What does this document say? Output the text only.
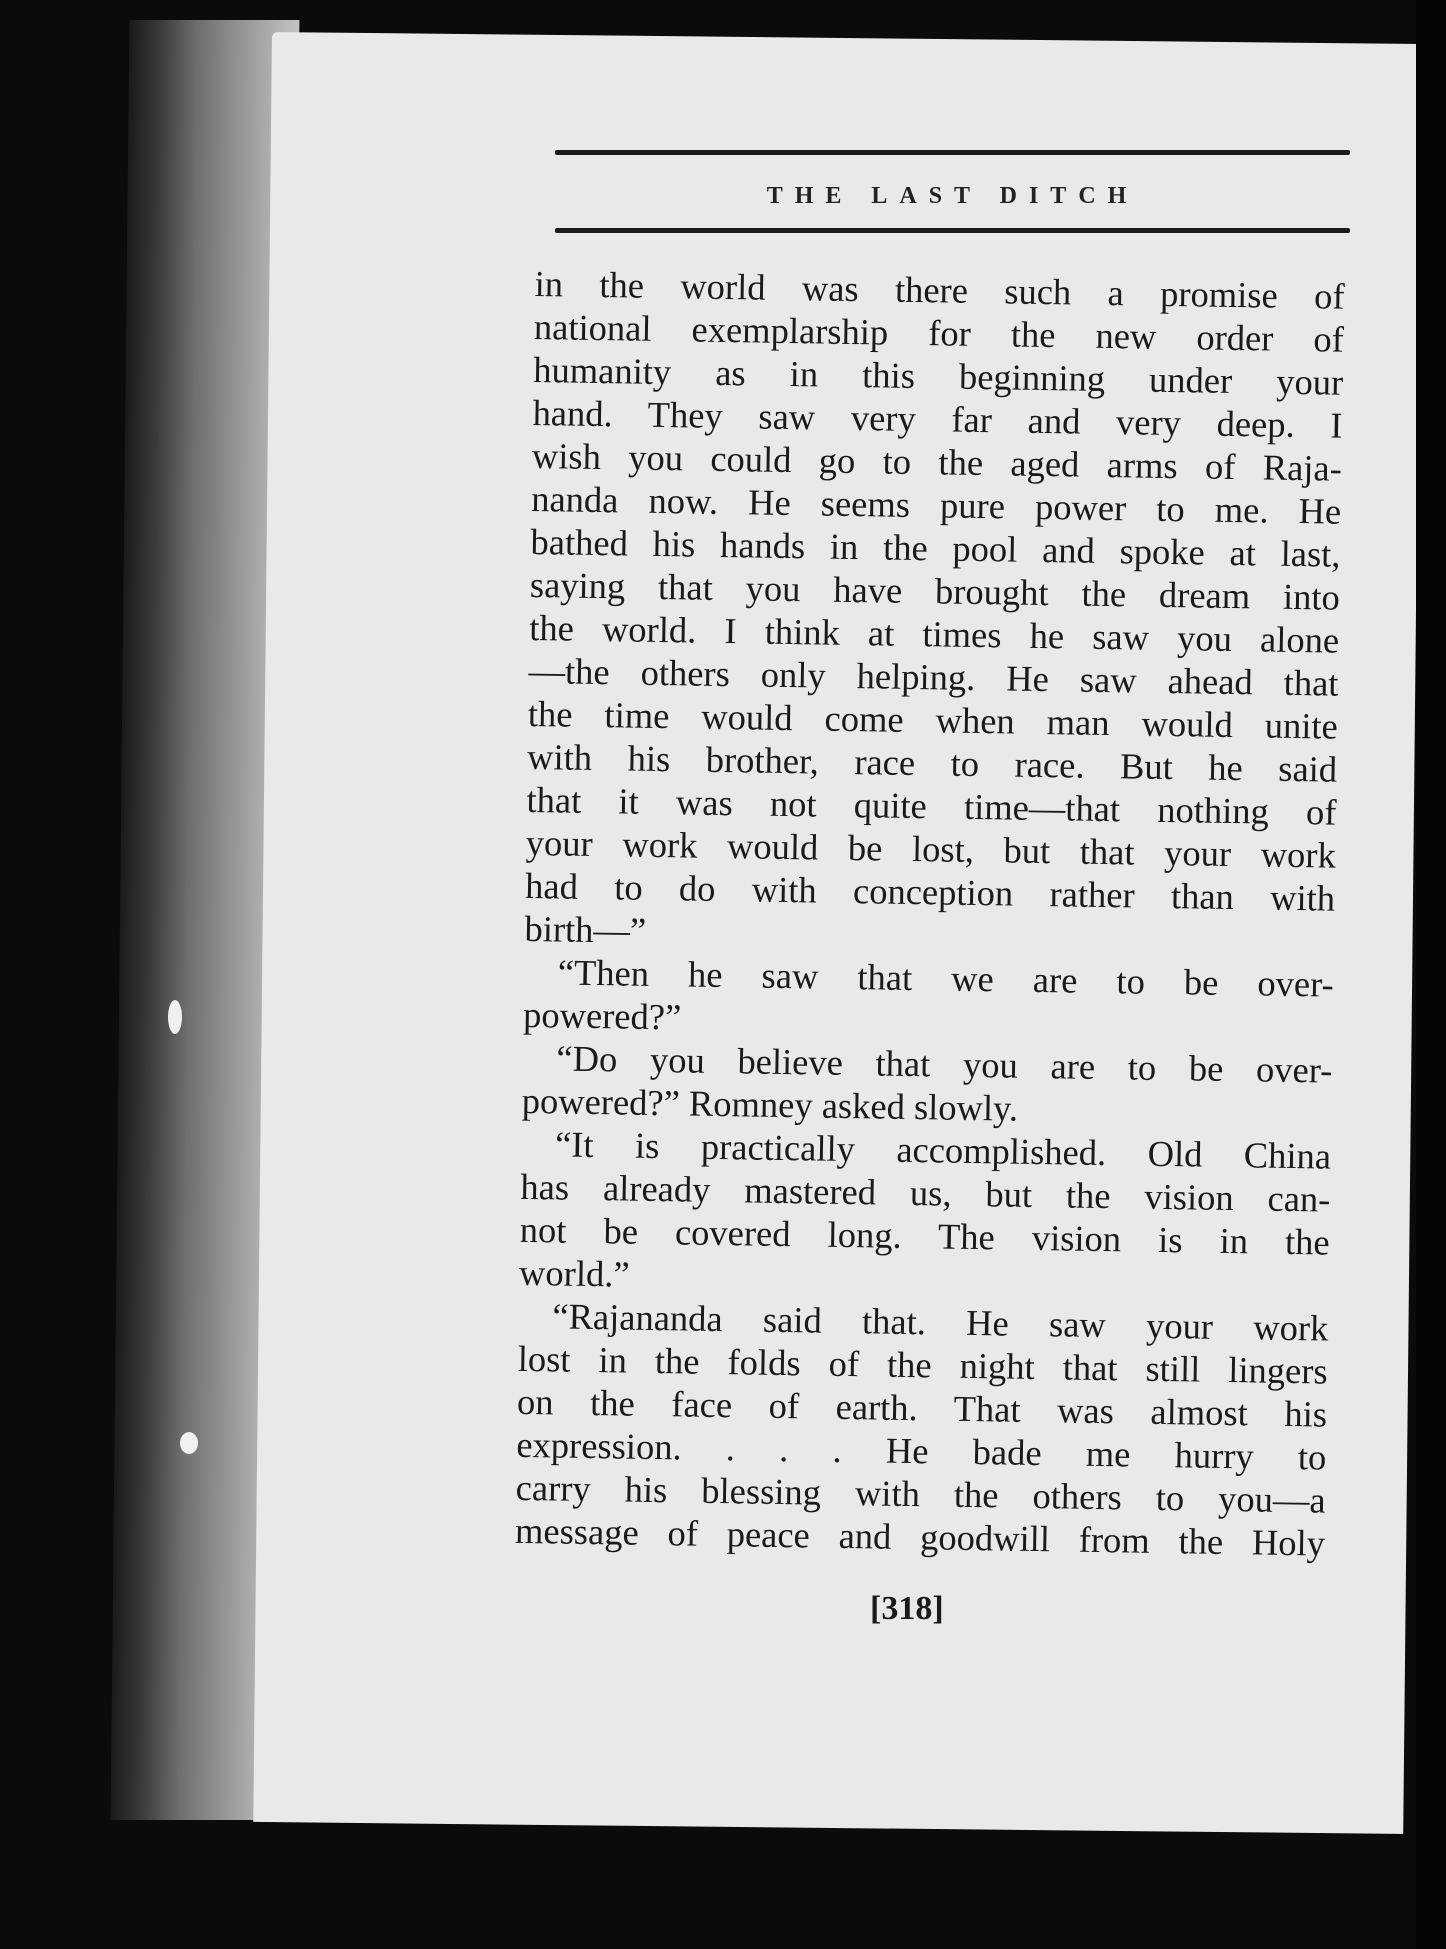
THE LAST DITCH
in the world was there such a promise of
national exemplarship for the new order of
humanity as in this beginning under your
hand. They saw very far and very deep. I
wish you could go to the aged arms of Raja-
nanda now. He seems pure power to me. He
bathed his hands in the pool and spoke at last,
saying that you have brought the dream into
the world. I think at times he saw you alone
—the others only helping. He saw ahead that
the time would come when man would unite
with his brother, race to race. But he said
that it was not quite time—that nothing of
your work would be lost, but that your work
had to do with conception rather than with
birth—”
“Then he saw that we are to be over-
powered?”
“Do you believe that you are to be over-
powered?” Romney asked slowly.
“It is practically accomplished. Old China
has already mastered us, but the vision can-
not be covered long. The vision is in the
world.”
“Rajananda said that. He saw your work
lost in the folds of the night that still lingers
on the face of earth. That was almost his
expression. . . . He bade me hurry to
carry his blessing with the others to you—a
message of peace and goodwill from the Holy
[318]
